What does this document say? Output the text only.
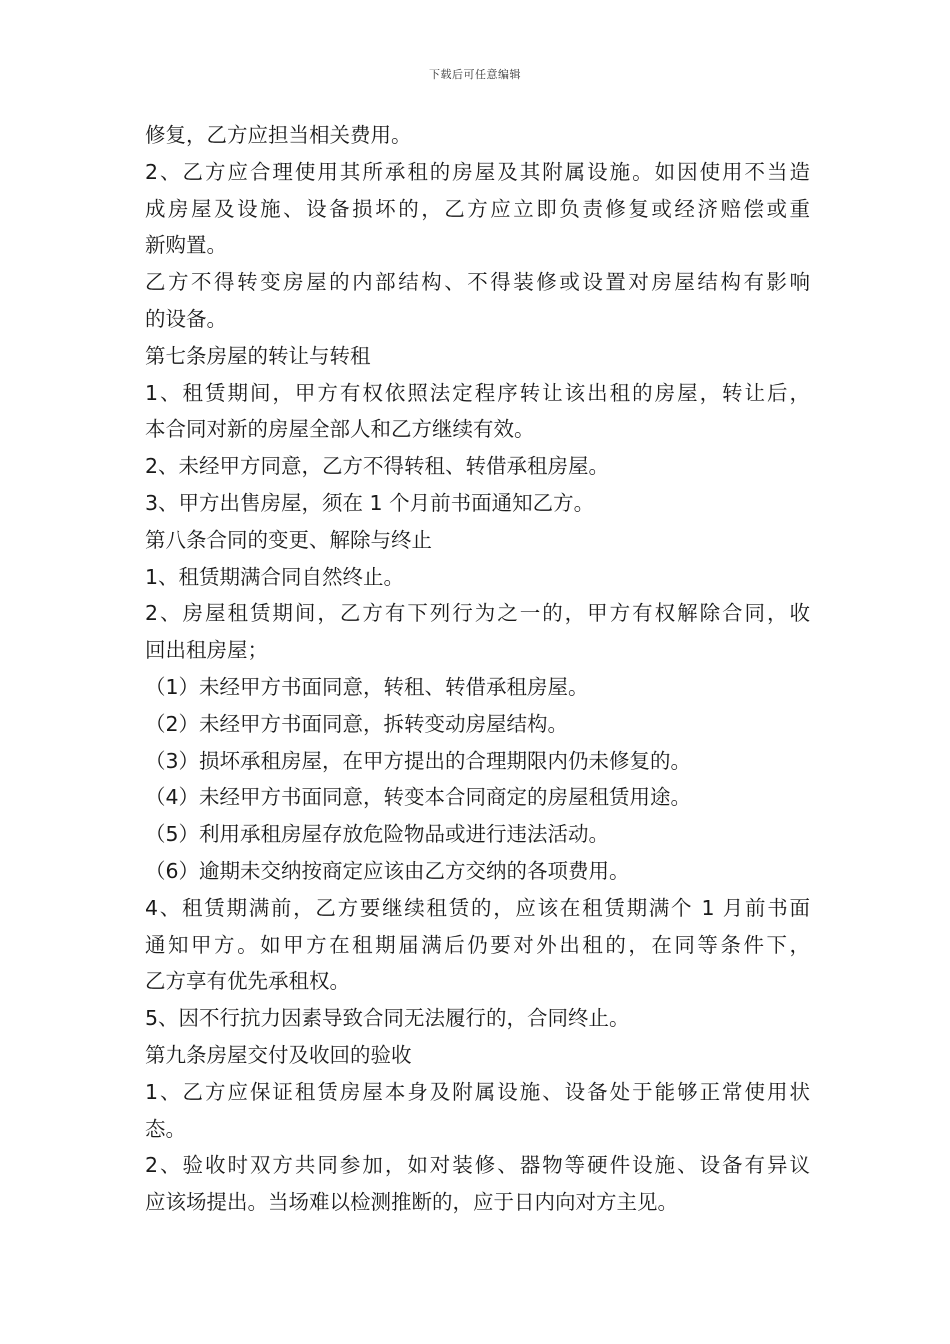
下载后可任意编辑

修复，乙方应担当相关费用。

2、乙方应合理使用其所承租的房屋及其附属设施。如因使用不当造

成房屋及设施、设备损坏的，乙方应立即负责修复或经济赔偿或重

新购置。

乙方不得转变房屋的内部结构、不得装修或设置对房屋结构有影响

的设备。

第七条房屋的转让与转租

1、租赁期间，甲方有权依照法定程序转让该出租的房屋，转让后，

本合同对新的房屋全部人和乙方继续有效。

2、未经甲方同意，乙方不得转租、转借承租房屋。

3、甲方出售房屋，须在 1 个月前书面通知乙方。

第八条合同的变更、解除与终止

1、租赁期满合同自然终止。

2、房屋租赁期间，乙方有下列行为之一的，甲方有权解除合同，收

回出租房屋；

（1）未经甲方书面同意，转租、转借承租房屋。

（2）未经甲方书面同意，拆转变动房屋结构。

（3）损坏承租房屋，在甲方提出的合理期限内仍未修复的。

（4）未经甲方书面同意，转变本合同商定的房屋租赁用途。

（5）利用承租房屋存放危险物品或进行违法活动。

（6）逾期未交纳按商定应该由乙方交纳的各项费用。

4、租赁期满前，乙方要继续租赁的，应该在租赁期满个 1 月前书面

通知甲方。如甲方在租期届满后仍要对外出租的，在同等条件下，

乙方享有优先承租权。

5、因不行抗力因素导致合同无法履行的，合同终止。

第九条房屋交付及收回的验收

1、乙方应保证租赁房屋本身及附属设施、设备处于能够正常使用状

态。

2、验收时双方共同参加，如对装修、器物等硬件设施、设备有异议

应该场提出。当场难以检测推断的，应于日内向对方主见。
